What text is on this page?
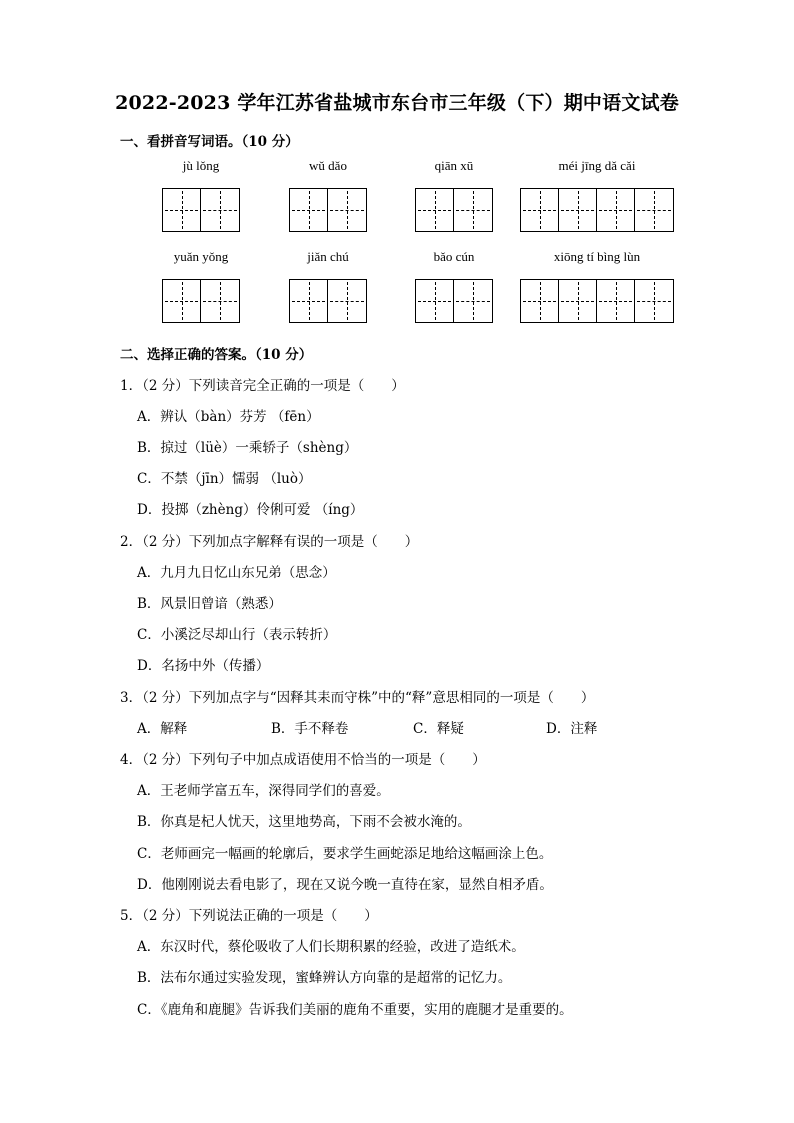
2022-2023 学年江苏省盐城市东台市三年级（下）期中语文试卷
一、看拼音写词语。（10 分）
jù lǒng	wǔ dǎo	qiān xū	méi jīng dǎ cǎi
yuǎn yǒng	jiǎn chú	bǎo cún	xiōng tí bìng lùn
二、选择正确的答案。（10 分）
1．（2 分）下列读音完全正确的一项是（　　）
A．辨认（bàn）芬芳 （fēn）
B．掠过（lüè）一乘轿子（shèng）
C．不禁（jīn）懦弱 （luò）
D．投掷（zhèng）伶俐可爱 （íng）
2．（2 分）下列加点字解释有误的一项是（　　）
A．九月九日忆山东兄弟（思念）
B．风景旧曾谙（熟悉）
C．小溪泛尽却山行（表示转折）
D．名扬中外（传播）
3．（2 分）下列加点字与“因释其耒而守株”中的“释”意思相同的一项是（　　）
A．解释	B．手不释卷	C．释疑	D．注释
4．（2 分）下列句子中加点成语使用不恰当的一项是（　　）
A．王老师学富五车，深得同学们的喜爱。
B．你真是杞人忧天，这里地势高，下雨不会被水淹的。
C．老师画完一幅画的轮廓后，要求学生画蛇添足地给这幅画涂上色。
D．他刚刚说去看电影了，现在又说今晚一直待在家，显然自相矛盾。
5．（2 分）下列说法正确的一项是（　　）
A．东汉时代，蔡伦吸收了人们长期积累的经验，改进了造纸术。
B．法布尔通过实验发现，蜜蜂辨认方向靠的是超常的记忆力。
C．《鹿角和鹿腿》告诉我们美丽的鹿角不重要，实用的鹿腿才是重要的。
